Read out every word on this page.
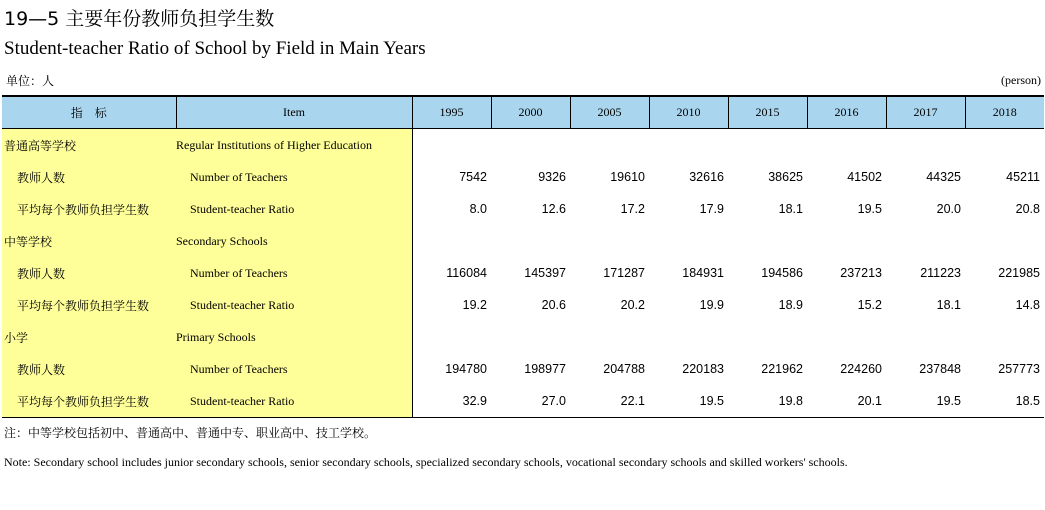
19—5 主要年份教师负担学生数
Student-teacher Ratio of School by Field in Main Years
单位：人	(person)
指　标	Item	1995	2000	2005	2010	2015	2016	2017	2018
普通高等学校	Regular Institutions of Higher Education								
教师人数	Number of Teachers	7542	9326	19610	32616	38625	41502	44325	45211
平均每个教师负担学生数	Student-teacher Ratio	8.0	12.6	17.2	17.9	18.1	19.5	20.0	20.8
中等学校	Secondary Schools								
教师人数	Number of Teachers	116084	145397	171287	184931	194586	237213	211223	221985
平均每个教师负担学生数	Student-teacher Ratio	19.2	20.6	20.2	19.9	18.9	15.2	18.1	14.8
小学	Primary Schools								
教师人数	Number of Teachers	194780	198977	204788	220183	221962	224260	237848	257773
平均每个教师负担学生数	Student-teacher Ratio	32.9	27.0	22.1	19.5	19.8	20.1	19.5	18.5
注：中等学校包括初中、普通高中、普通中专、职业高中、技工学校。
Note: Secondary school includes junior secondary schools, senior secondary schools, specialized secondary schools, vocational secondary schools and skilled workers' schools.
